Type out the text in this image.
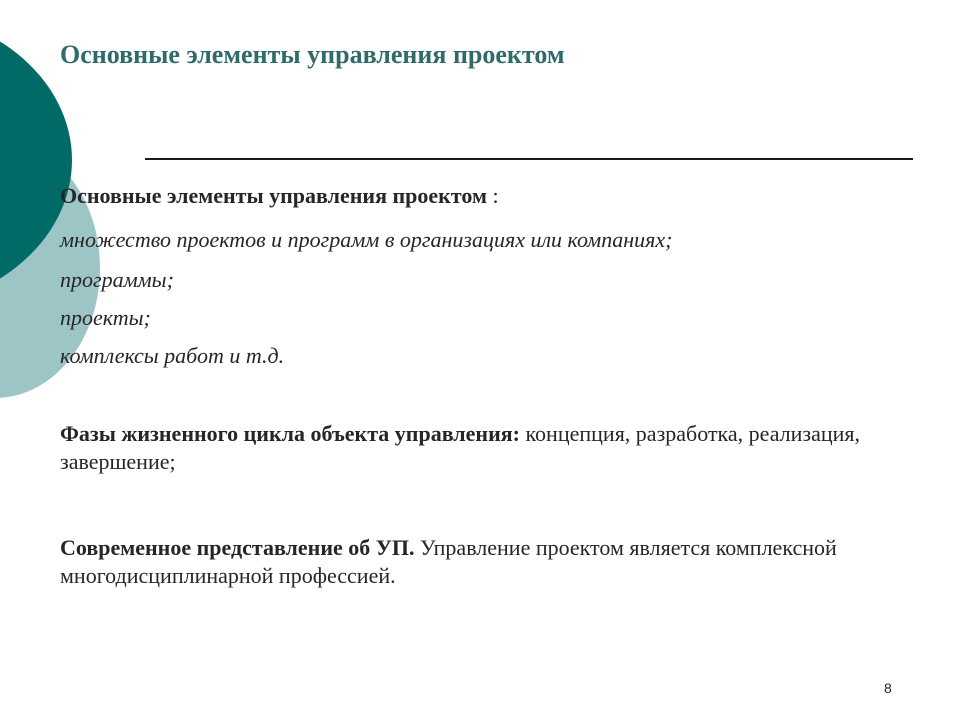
Основные элементы управления проектом

Основные элементы управления проектом :

множество проектов и программ в организациях или компаниях;

программы;

проекты;

комплексы работ и т.д.

Фазы жизненного цикла объекта управления: концепция, разработка, реализация, завершение;

Современное представление об УП. Управление проектом является комплексной многодисциплинарной профессией.

8
